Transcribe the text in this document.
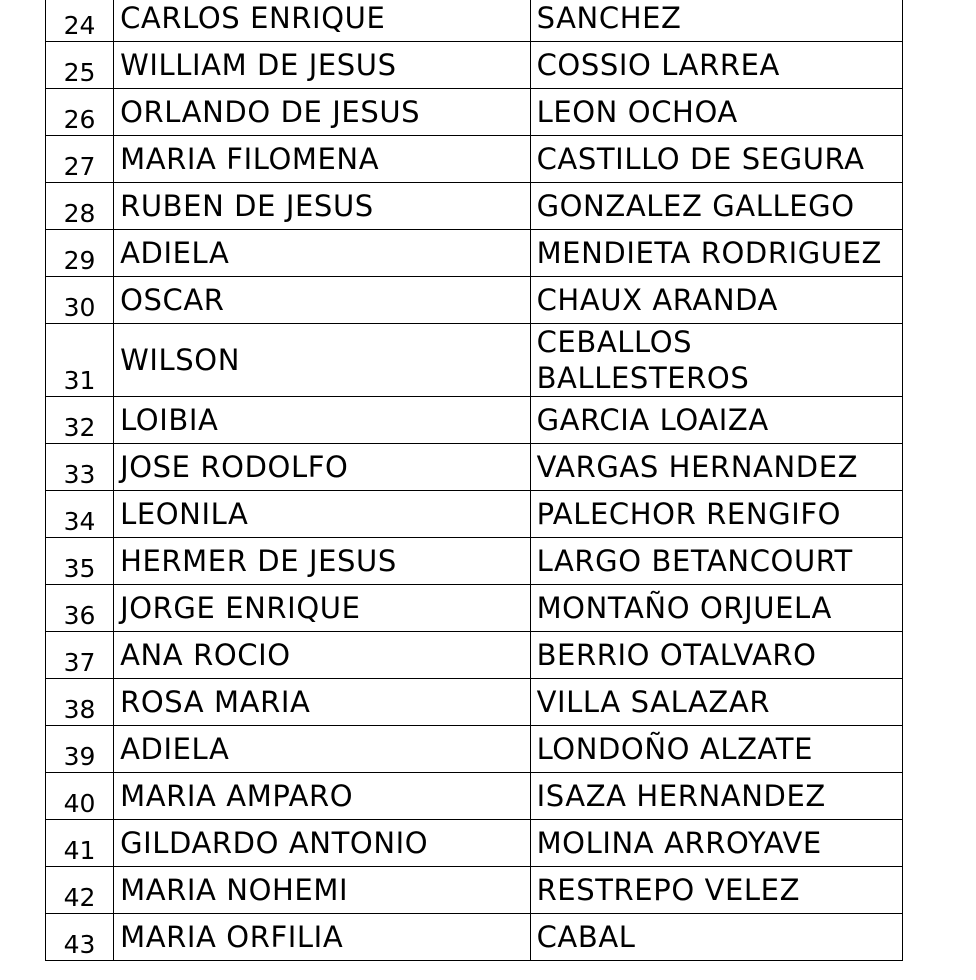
24	CARLOS ENRIQUE	SANCHEZ
25	WILLIAM DE JESUS	COSSIO LARREA
26	ORLANDO DE JESUS	LEON OCHOA
27	MARIA FILOMENA	CASTILLO DE SEGURA
28	RUBEN DE JESUS	GONZALEZ GALLEGO
29	ADIELA	MENDIETA RODRIGUEZ
30	OSCAR	CHAUX ARANDA
31	WILSON	CEBALLOS BALLESTEROS
32	LOIBIA	GARCIA LOAIZA
33	JOSE RODOLFO	VARGAS HERNANDEZ
34	LEONILA	PALECHOR RENGIFO
35	HERMER DE JESUS	LARGO BETANCOURT
36	JORGE ENRIQUE	MONTAÑO ORJUELA
37	ANA ROCIO	BERRIO OTALVARO
38	ROSA MARIA	VILLA SALAZAR
39	ADIELA	LONDOÑO ALZATE
40	MARIA AMPARO	ISAZA HERNANDEZ
41	GILDARDO ANTONIO	MOLINA ARROYAVE
42	MARIA NOHEMI	RESTREPO VELEZ
43	MARIA ORFILIA	CABAL
